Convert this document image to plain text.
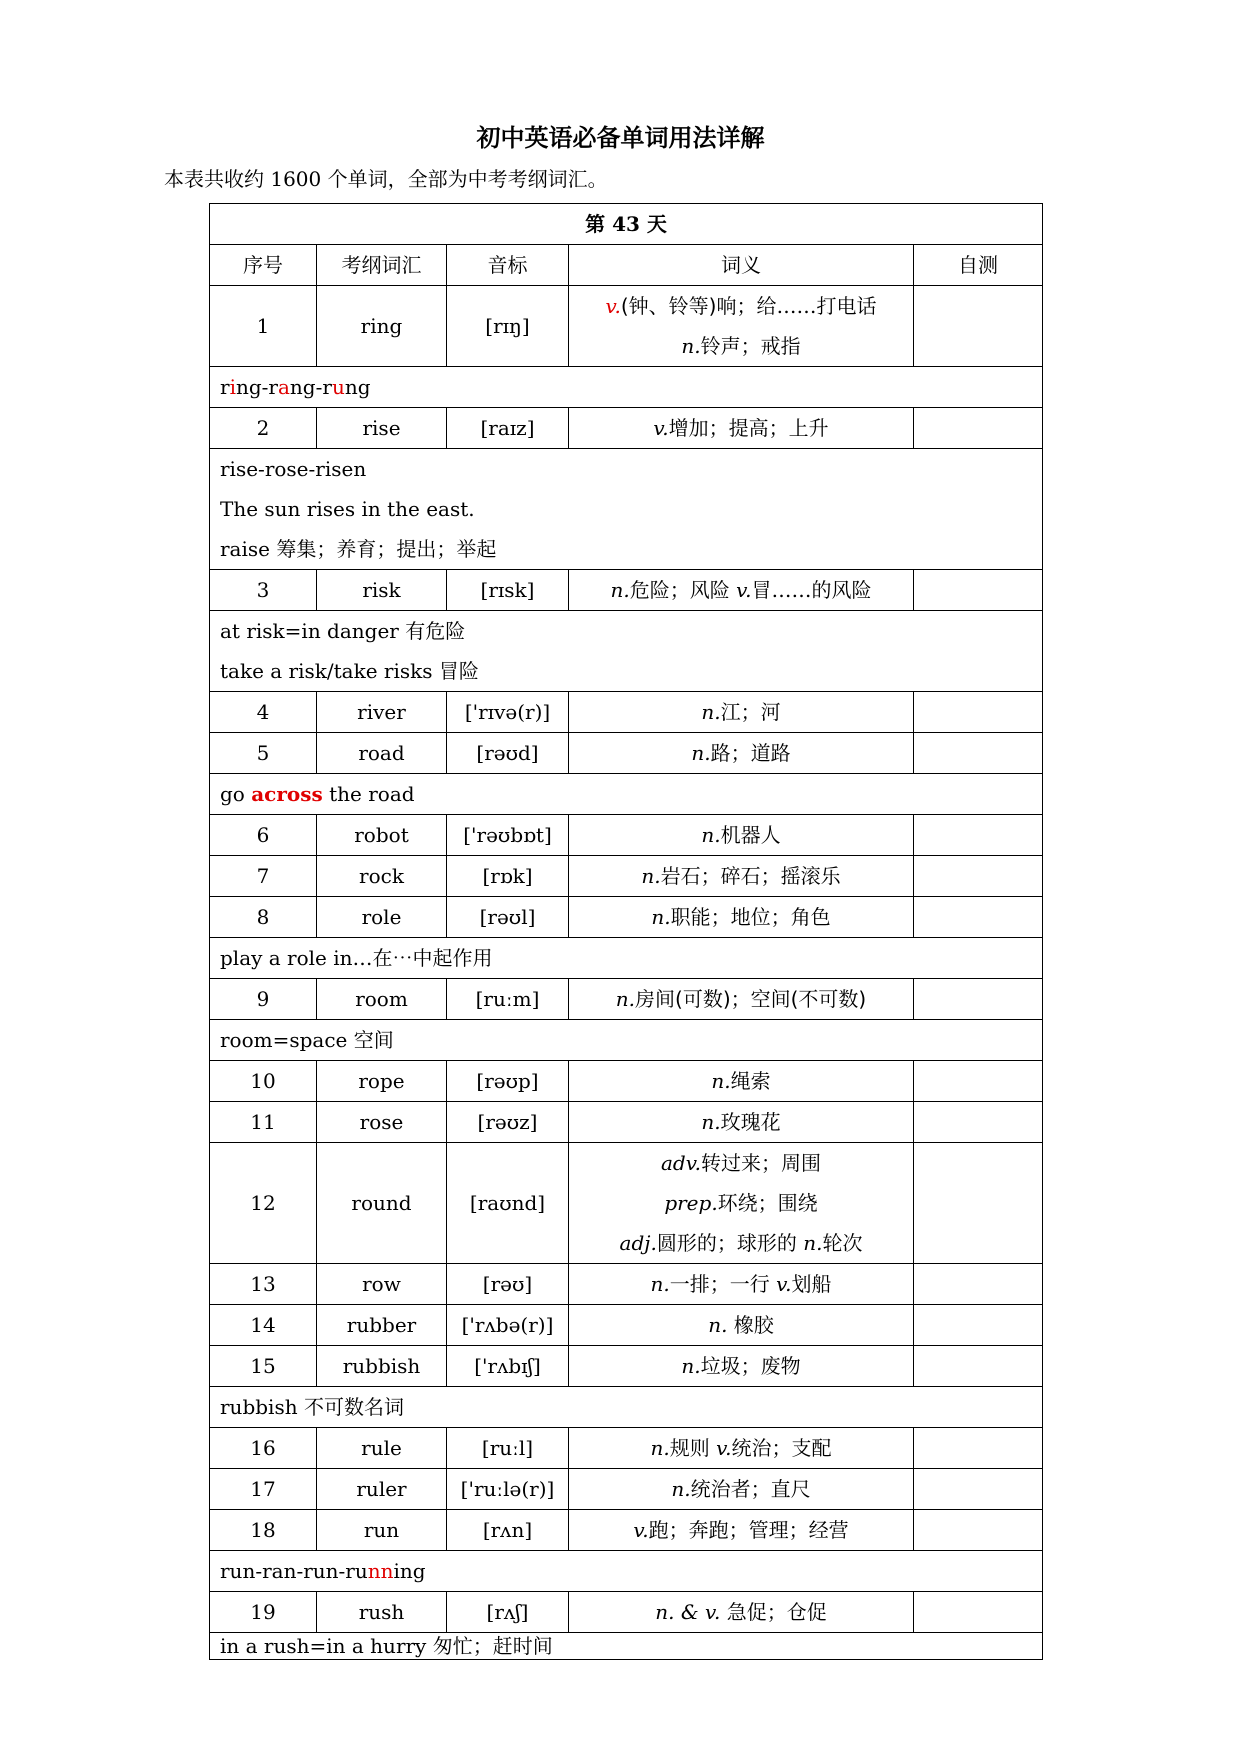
初中英语必备单词用法详解
本表共收约 1600 个单词，全部为中考考纲词汇。
第 43 天				
序号	考纲词汇	音标	词义	自测
1	ring	[rɪŋ]	v.(钟、铃等)响；给……打电话
n.铃声；戒指	

ring-rang-rung				
2	rise	[raɪz]	v.增加；提高；上升	

rise-rose-risen
The sun rises in the east.
raise 筹集；养育；提出；举起				

3	risk	[rɪsk]	n.危险；风险 v.冒……的风险	

at risk=in danger 有危险
take a risk/take risks 冒险				

4	river	['rɪvə(r)]	n.江；河	
5	road	[rəʊd]	n.路；道路	
go across the road				
6	robot	['rəʊbɒt]	n.机器人	
7	rock	[rɒk]	n.岩石；碎石；摇滚乐	
8	role	[rəʊl]	n.职能；地位；角色	
play a role in…在⋯中起作用				
9	room	[ruːm]	n.房间(可数)；空间(不可数)	
room=space 空间				
10	rope	[rəʊp]	n.绳索	
11	rose	[rəʊz]	n.玫瑰花	
12	round	[raʊnd]	adv.转过来；周围
prep.环绕；围绕
adj.圆形的；球形的 n.轮次	

13	row	[rəʊ]	n.一排；一行 v.划船	
14	rubber	['rʌbə(r)]	n. 橡胶	
15	rubbish	['rʌbɪʃ]	n.垃圾；废物	
rubbish 不可数名词				
16	rule	[ruːl]	n.规则 v.统治；支配	
17	ruler	['ruːlə(r)]	n.统治者；直尺	
18	run	[rʌn]	v.跑；奔跑；管理；经营	
run-ran-run-running				
19	rush	[rʌʃ]	n. & v. 急促；仓促	
in a rush=in a hurry 匆忙；赶时间				
